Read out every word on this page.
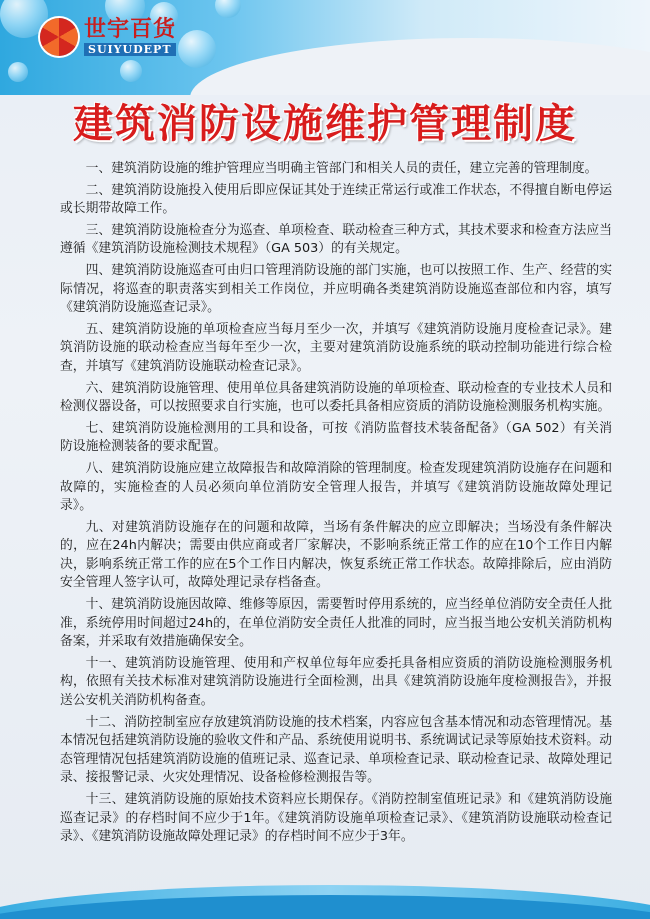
世宇百货
SUIYUDEPT
建筑消防设施维护管理制度

一、建筑消防设施的维护管理应当明确主管部门和相关人员的责任，建立完善的管理制度。

二、建筑消防设施投入使用后即应保证其处于连续正常运行或准工作状态，不得擅自断电停运或长期带故障工作。

三、建筑消防设施检查分为巡查、单项检查、联动检查三种方式，其技术要求和检查方法应当遵循《建筑消防设施检测技术规程》（GA 503）的有关规定。

四、建筑消防设施巡查可由归口管理消防设施的部门实施，也可以按照工作、生产、经营的实际情况，将巡查的职责落实到相关工作岗位，并应明确各类建筑消防设施巡查部位和内容，填写《建筑消防设施巡查记录》。

五、建筑消防设施的单项检查应当每月至少一次，并填写《建筑消防设施月度检查记录》。建筑消防设施的联动检查应当每年至少一次，主要对建筑消防设施系统的联动控制功能进行综合检查，并填写《建筑消防设施联动检查记录》。

六、建筑消防设施管理、使用单位具备建筑消防设施的单项检查、联动检查的专业技术人员和检测仪器设备，可以按照要求自行实施，也可以委托具备相应资质的消防设施检测服务机构实施。

七、建筑消防设施检测用的工具和设备，可按《消防监督技术装备配备》（GA 502）有关消防设施检测装备的要求配置。

八、建筑消防设施应建立故障报告和故障消除的管理制度。检查发现建筑消防设施存在问题和故障的，实施检查的人员必须向单位消防安全管理人报告，并填写《建筑消防设施故障处理记录》。

九、对建筑消防设施存在的问题和故障，当场有条件解决的应立即解决；当场没有条件解决的，应在24h内解决；需要由供应商或者厂家解决，不影响系统正常工作的应在10个工作日内解决，影响系统正常工作的应在5个工作日内解决，恢复系统正常工作状态。故障排除后，应由消防安全管理人签字认可，故障处理记录存档备查。

十、建筑消防设施因故障、维修等原因，需要暂时停用系统的，应当经单位消防安全责任人批准，系统停用时间超过24h的，在单位消防安全责任人批准的同时，应当报当地公安机关消防机构备案，并采取有效措施确保安全。

十一、建筑消防设施管理、使用和产权单位每年应委托具备相应资质的消防设施检测服务机构，依照有关技术标准对建筑消防设施进行全面检测，出具《建筑消防设施年度检测报告》，并报送公安机关消防机构备查。

十二、消防控制室应存放建筑消防设施的技术档案，内容应包含基本情况和动态管理情况。基本情况包括建筑消防设施的验收文件和产品、系统使用说明书、系统调试记录等原始技术资料。动态管理情况包括建筑消防设施的值班记录、巡查记录、单项检查记录、联动检查记录、故障处理记录、接报警记录、火灾处理情况、设备检修检测报告等。

十三、建筑消防设施的原始技术资料应长期保存。《消防控制室值班记录》和《建筑消防设施巡查记录》的存档时间不应少于1年。《建筑消防设施单项检查记录》、《建筑消防设施联动检查记录》、《建筑消防设施故障处理记录》的存档时间不应少于3年。
